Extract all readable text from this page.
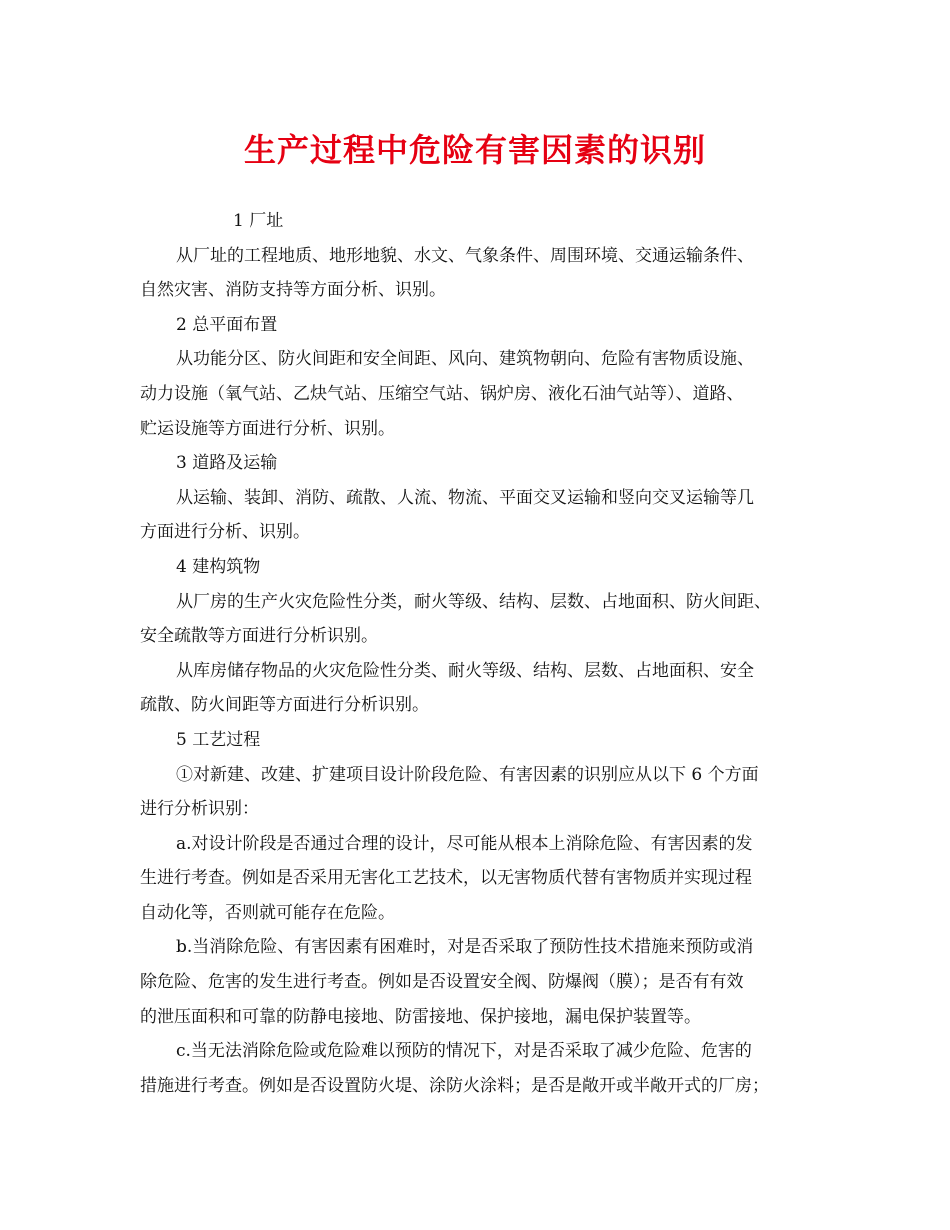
生产过程中危险有害因素的识别
1 厂址
从厂址的工程地质、地形地貌、水文、气象条件、周围环境、交通运输条件、
自然灾害、消防支持等方面分析、识别。
2 总平面布置
从功能分区、防火间距和安全间距、风向、建筑物朝向、危险有害物质设施、
动力设施（氧气站、乙炔气站、压缩空气站、锅炉房、液化石油气站等）、道路、
贮运设施等方面进行分析、识别。
3 道路及运输
从运输、装卸、消防、疏散、人流、物流、平面交叉运输和竖向交叉运输等几
方面进行分析、识别。
4 建构筑物
从厂房的生产火灾危险性分类，耐火等级、结构、层数、占地面积、防火间距、
安全疏散等方面进行分析识别。
从库房储存物品的火灾危险性分类、耐火等级、结构、层数、占地面积、安全
疏散、防火间距等方面进行分析识别。
5 工艺过程
①对新建、改建、扩建项目设计阶段危险、有害因素的识别应从以下 6 个方面
进行分析识别：
a.对设计阶段是否通过合理的设计，尽可能从根本上消除危险、有害因素的发
生进行考查。例如是否采用无害化工艺技术，以无害物质代替有害物质并实现过程
自动化等，否则就可能存在危险。
b.当消除危险、有害因素有困难时，对是否采取了预防性技术措施来预防或消
除危险、危害的发生进行考查。例如是否设置安全阀、防爆阀（膜）；是否有有效
的泄压面积和可靠的防静电接地、防雷接地、保护接地，漏电保护装置等。
c.当无法消除危险或危险难以预防的情况下，对是否采取了减少危险、危害的
措施进行考查。例如是否设置防火堤、涂防火涂料；是否是敞开或半敞开式的厂房；
